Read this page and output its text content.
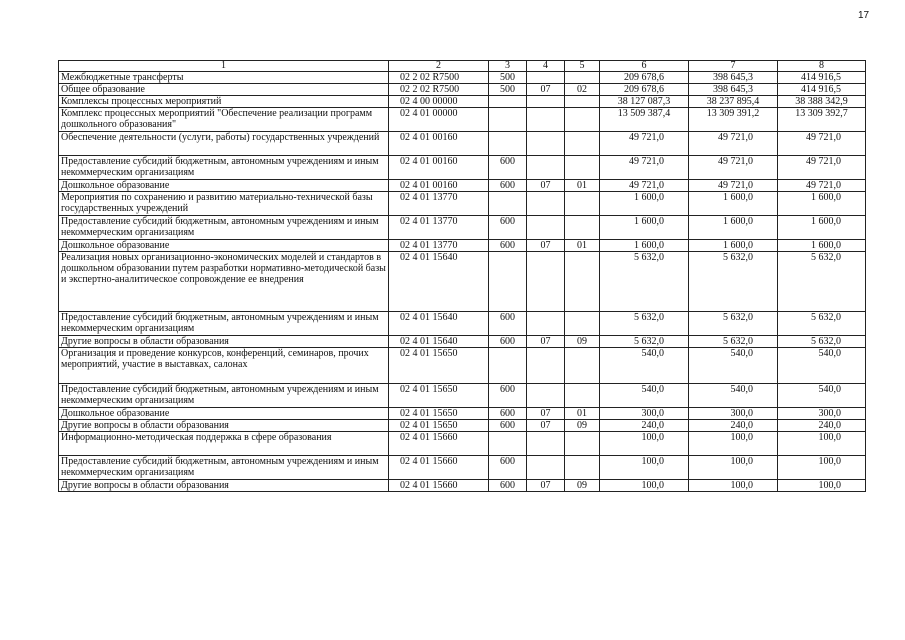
17
1	2	3	4	5	6	7	8
Межбюджетные трансферты	02 2 02 R7500	500			209 678,6	398 645,3	414 916,5
Общее образование	02 2 02 R7500	500	07	02	209 678,6	398 645,3	414 916,5
Комплексы процессных мероприятий	02 4 00 00000				38 127 087,3	38 237 895,4	38 388 342,9
Комплекс процессных мероприятий "Обеспечение реализации программ дошкольного образования"	02 4 01 00000				13 509 387,4	13 309 391,2	13 309 392,7
Обеспечение деятельности (услуги, работы) государственных учреждений	02 4 01 00160				49 721,0	49 721,0	49 721,0
Предоставление субсидий бюджетным, автономным учреждениям и иным некоммерческим организациям	02 4 01 00160	600			49 721,0	49 721,0	49 721,0
Дошкольное образование	02 4 01 00160	600	07	01	49 721,0	49 721,0	49 721,0
Мероприятия по сохранению и развитию материально-технической базы государственных учреждений	02 4 01 13770				1 600,0	1 600,0	1 600,0
Предоставление субсидий бюджетным, автономным учреждениям и иным некоммерческим организациям	02 4 01 13770	600			1 600,0	1 600,0	1 600,0
Дошкольное образование	02 4 01 13770	600	07	01	1 600,0	1 600,0	1 600,0
Реализация новых организационно-экономических моделей и стандартов в дошкольном образовании путем разработки нормативно-методической базы и экспертно-аналитическое сопровождение ее внедрения	02 4 01 15640				5 632,0	5 632,0	5 632,0
Предоставление субсидий бюджетным, автономным учреждениям и иным некоммерческим организациям	02 4 01 15640	600			5 632,0	5 632,0	5 632,0
Другие вопросы в области образования	02 4 01 15640	600	07	09	5 632,0	5 632,0	5 632,0
Организация и проведение конкурсов, конференций, семинаров, прочих мероприятий, участие в выставках, салонах	02 4 01 15650				540,0	540,0	540,0
Предоставление субсидий бюджетным, автономным учреждениям и иным некоммерческим организациям	02 4 01 15650	600			540,0	540,0	540,0
Дошкольное образование	02 4 01 15650	600	07	01	300,0	300,0	300,0
Другие вопросы в области образования	02 4 01 15650	600	07	09	240,0	240,0	240,0
Информационно-методическая поддержка в сфере образования	02 4 01 15660				100,0	100,0	100,0
Предоставление субсидий бюджетным, автономным учреждениям и иным некоммерческим организациям	02 4 01 15660	600			100,0	100,0	100,0
Другие вопросы в области образования	02 4 01 15660	600	07	09	100,0	100,0	100,0
